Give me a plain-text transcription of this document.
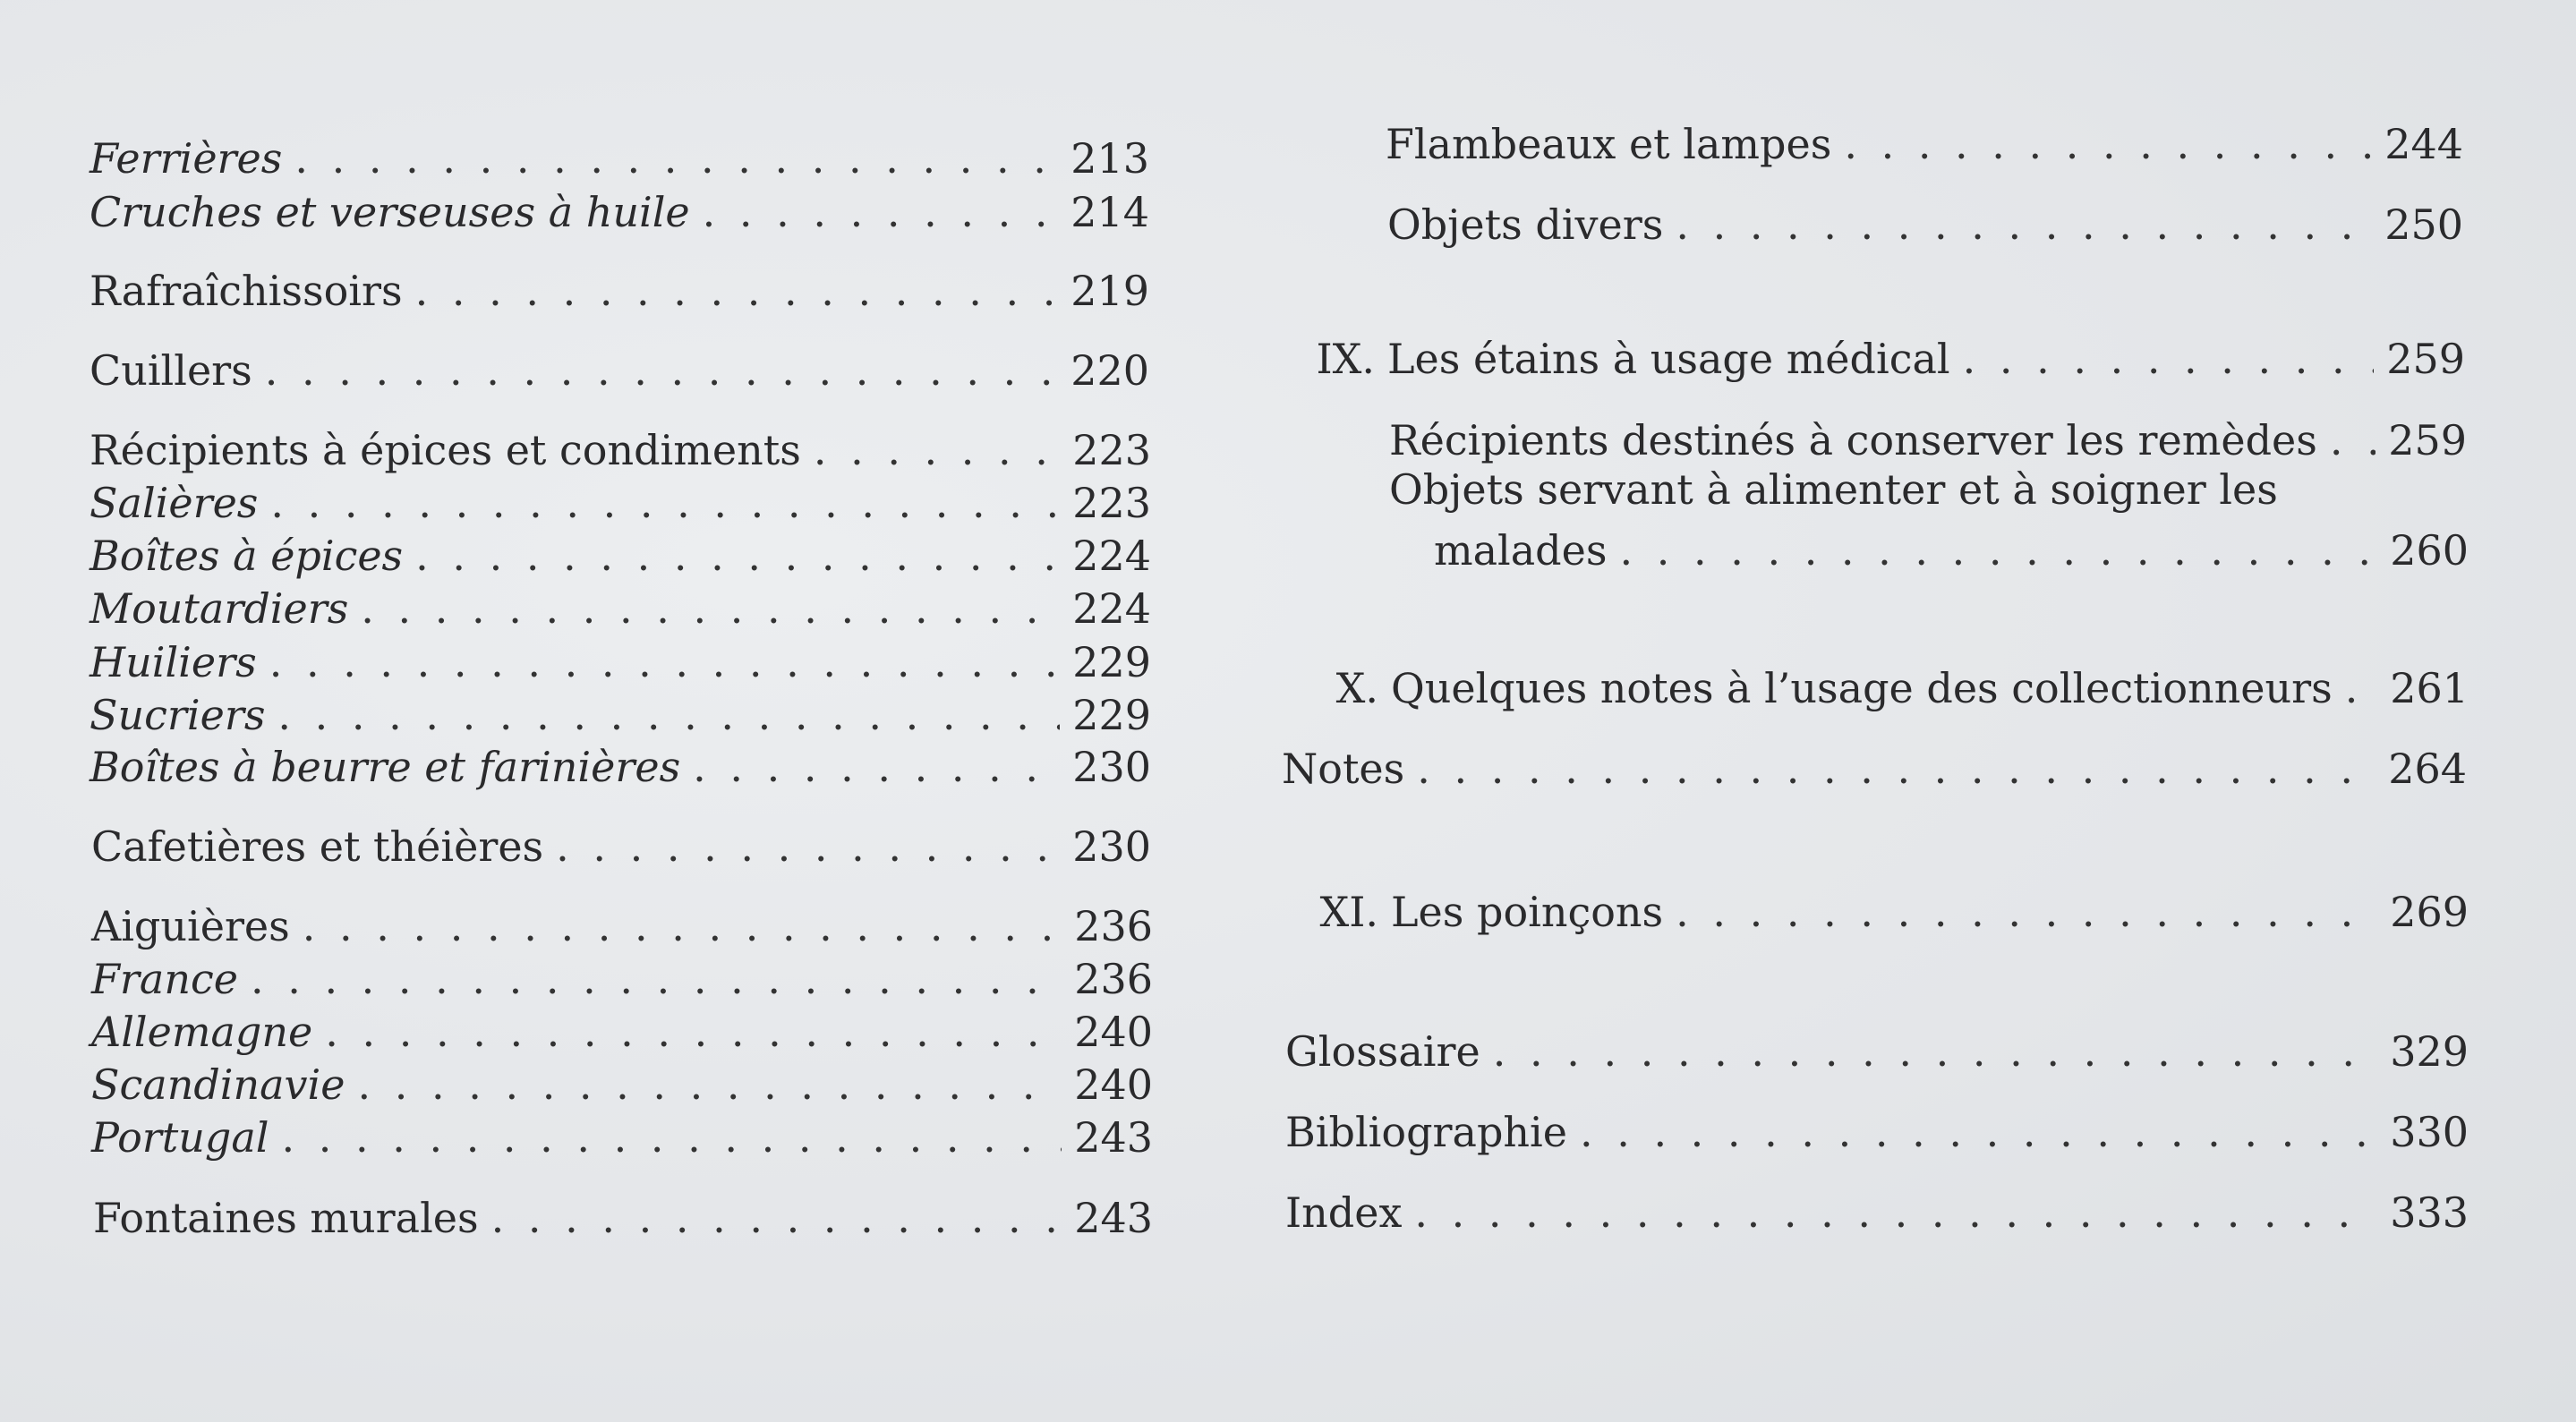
Ferrières . . .	213
Cruches et verseuses à huile . . .	214
Rafraîchissoirs . . .	219
Cuillers . . .	220
Récipients à épices et condiments . . .	223
Salières . . .	223
Boîtes à épices . . .	224
Moutardiers . . .	224
Huiliers . . .	229
Sucriers . . .	229
Boîtes à beurre et farinières . . .	230
Cafetières et théières . . .	230
Aiguières . . .	236
France . . .	236
Allemagne . . .	240
Scandinavie . . .	240
Portugal . . .	243
Fontaines murales . . .	243
Flambeaux et lampes . . .	244
Objets divers . . .	250
IX. Les étains à usage médical . . .	259
Récipients destinés à conserver les remèdes . . . 259
Objets servant à alimenter et à soigner les
malades . . .	260
X. Quelques notes à l’usage des collectionneurs . . . 261
Notes . . .	264
XI. Les poinçons . . .	269
Glossaire . . .	329
Bibliographie . . .	330
Index . . .	333
